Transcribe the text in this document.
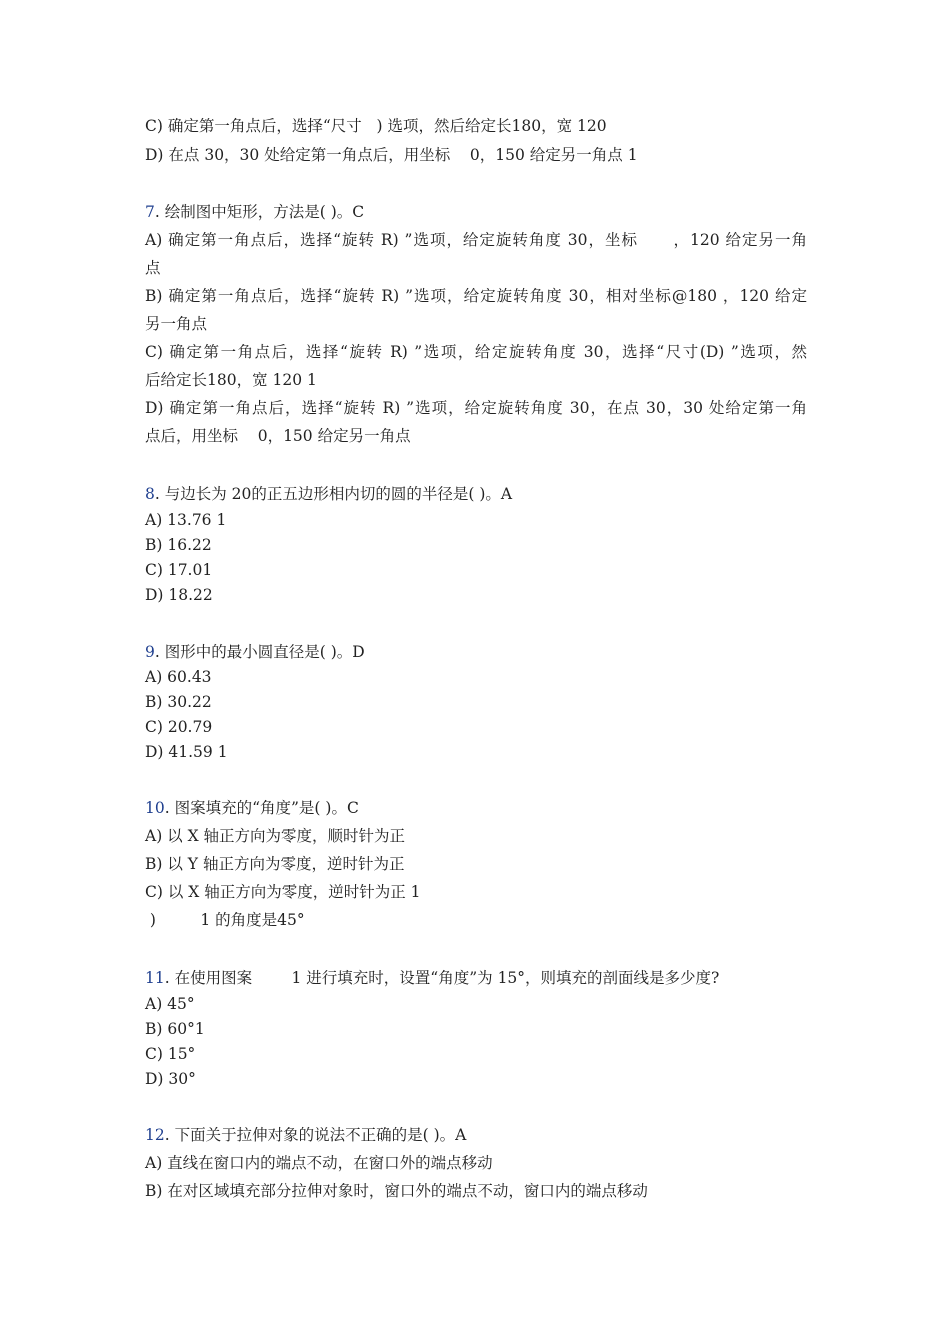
C) 确定第一角点后，选择“尺寸   ) 选项，然后给定长180，宽 120
D) 在点 30，30 处给定第一角点后，用坐标    0，150 给定另一角点 1
7. 绘制图中矩形，方法是( )。C
A) 确定第一角点后，选择“旋转 R) ”选项，给定旋转角度 30，坐标      ，120 给定另一角
点
B) 确定第一角点后，选择“旋转 R) ”选项，给定旋转角度 30，相对坐标@180 ，120 给定
另一角点
C) 确定第一角点后，选择“旋转 R) ”选项，给定旋转角度 30，选择“尺寸(D) ”选项，然
后给定长180，宽 120 1
D) 确定第一角点后，选择“旋转 R) ”选项，给定旋转角度 30，在点 30，30 处给定第一角
点后，用坐标    0，150 给定另一角点
8. 与边长为 20的正五边形相内切的圆的半径是( )。A
A) 13.76 1
B) 16.22
C) 17.01
D) 18.22
9. 图形中的最小圆直径是( )。D
A) 60.43
B) 30.22
C) 20.79
D) 41.59 1
10. 图案填充的“角度”是( )。C
A) 以 X 轴正方向为零度，顺时针为正
B) 以 Y 轴正方向为零度，逆时针为正
C) 以 X 轴正方向为零度，逆时针为正 1
)         1 的角度是45°
11. 在使用图案        1 进行填充时，设置“角度”为 15°，则填充的剖面线是多少度?
A) 45°
B) 60°1
C) 15°
D) 30°
12. 下面关于拉伸对象的说法不正确的是( )。A
A) 直线在窗口内的端点不动，在窗口外的端点移动
B) 在对区域填充部分拉伸对象时，窗口外的端点不动，窗口内的端点移动
